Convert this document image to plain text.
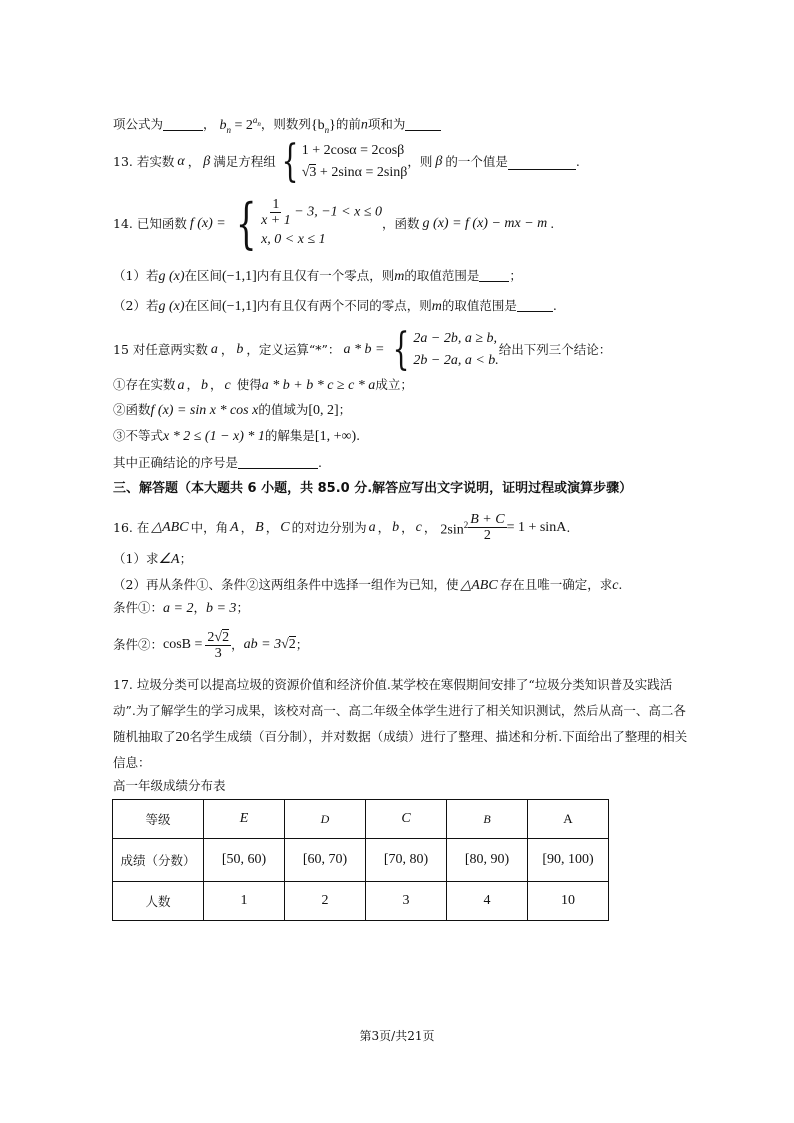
项公式为	， $b_n = 2^{a_n}$，则数列$\{b_n\}$的前n项和为
13. 若实数 α ， β 满足方程组 { 1 + 2cosα = 2cosβ
√3 + 2sinα = 2sinβ
，则 β 的一个值是	.
14. 已知函数 f (x) = { $\frac{1}{x + 1} - 3$, −1 < x ≤ 0
x, 0 < x ≤ 1
，函数 g (x) = f (x) − mx − m .
（1）若g (x)在区间(−1,1]内有且仅有一个零点，则m的取值范围是 ；
（2）若g (x)在区间(−1,1]内有且仅有两个不同的零点，则m的取值范围是	.
15 对任意两实数 a ， b ，定义运算“ * ”： a * b = { 2a − 2b, a ≥ b,
2b − 2a, a < b.
给出下列三个结论：
①存在实数 a ， b ， c 使得a * b + b * c ≥ c * a成立；
②函数f (x) = sin x * cos x的值域为[0, 2]；
③不等式x * 2 ≤ (1 − x) * 1的解集是[1, +∞).
其中正确结论的序号是	.
三、解答题（本大题共 6 小题，共 85.0 分.解答应写出文字说明，证明过程或演算步骤）
16. 在 △ABC 中，角 A ， B ， C 的对边分别为 a ， b ， c ， $2\sin^2 \frac{B + C}{2} = 1 + \sin A$ .
（1）求∠A；
（2）再从条件①、条件②这两组条件中选择一组作为已知，使 △ABC 存在且唯一确定，求c.
条件①：a = 2，b = 3；
条件②： $\cos B = \frac{2√2}{3}$ ， ab = 3 √2 ；
17. 垃圾分类可以提高垃圾的资源价值和经济价值.某学校在寒假期间安排了“垃圾分类知识普及实践活
动”.为了解学生的学习成果，该校对高一、高二年级全体学生进行了相关知识测试，然后从高一、高二各
随机抽取了20名学生成绩（百分制），并对数据（成绩）进行了整理、描述和分析.下面给出了整理的相关
信息：
高一年级成绩分布表
等级	E	D	C	B	A
成绩（分数）	[50, 60)	[60, 70)	[70, 80)	[80, 90)	[90, 100)
人数	1	2	3	4	10
第3页/共21页
